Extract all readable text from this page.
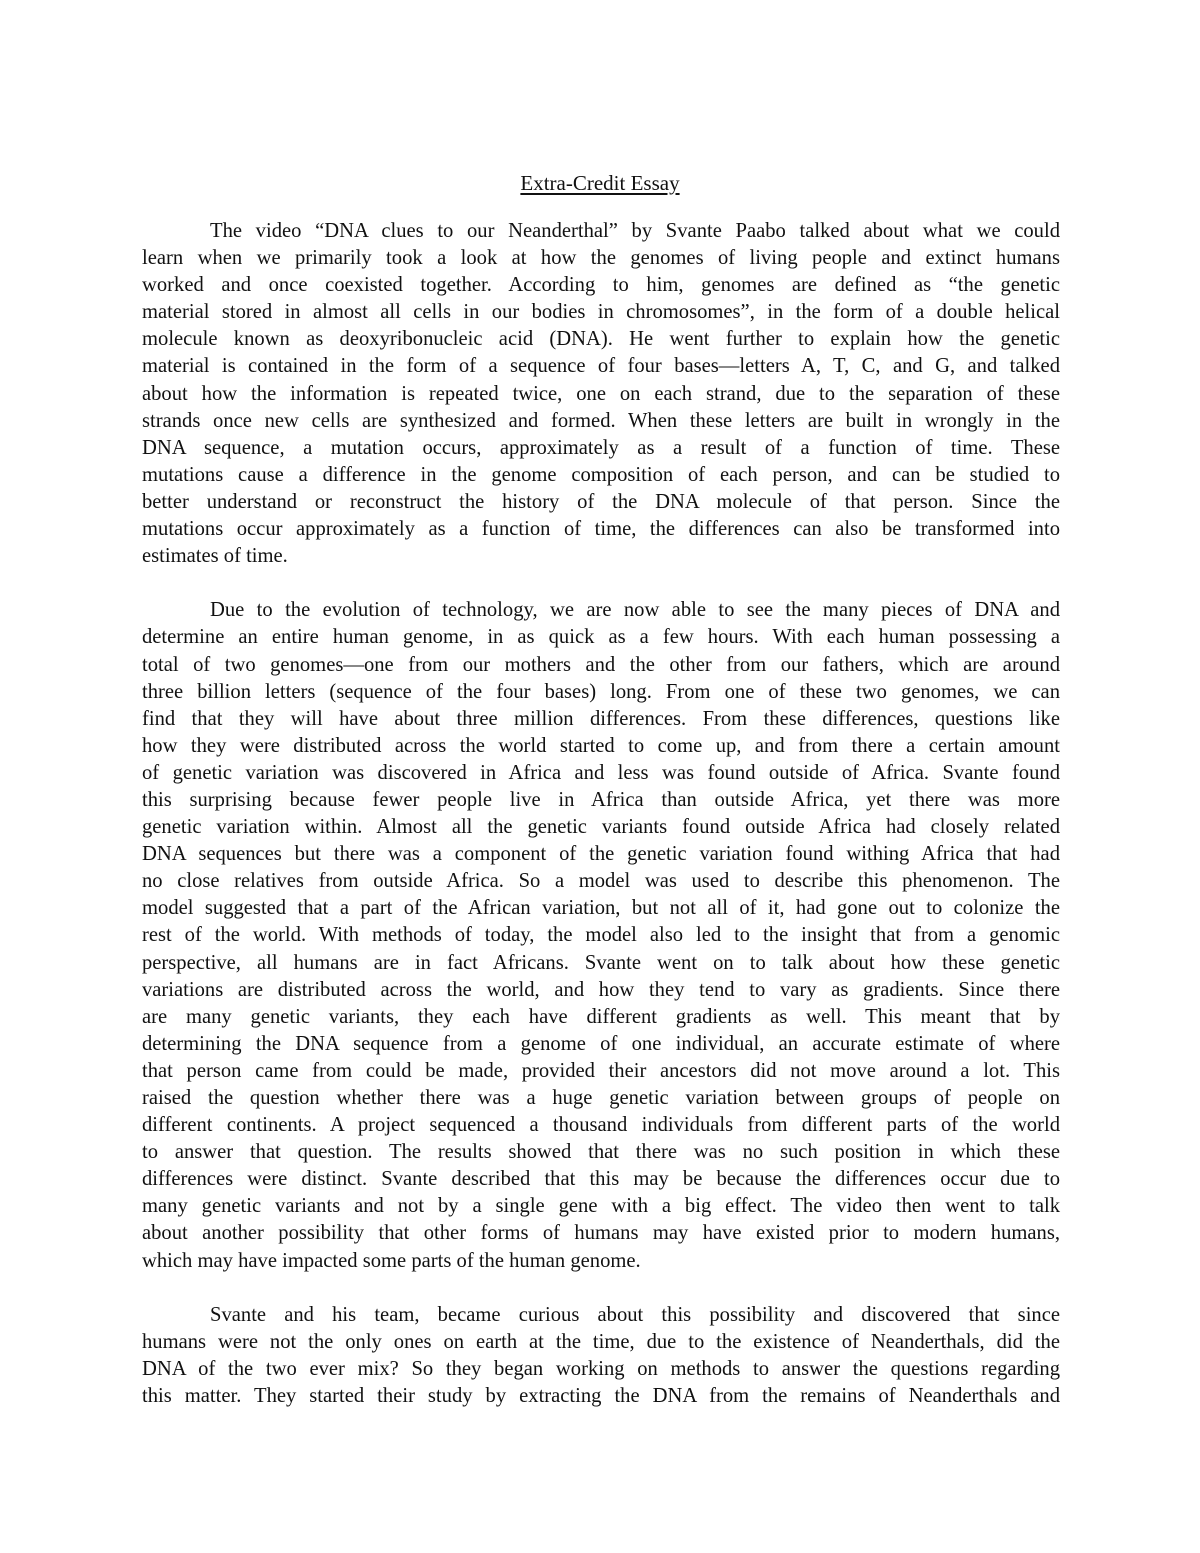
Extra-Credit Essay
The video “DNA clues to our Neanderthal” by Svante Paabo talked about what we could
learn when we primarily took a look at how the genomes of living people and extinct humans
worked and once coexisted together. According to him, genomes are defined as “the genetic
material stored in almost all cells in our bodies in chromosomes”, in the form of a double helical
molecule known as deoxyribonucleic acid (DNA). He went further to explain how the genetic
material is contained in the form of a sequence of four bases—letters A, T, C, and G, and talked
about how the information is repeated twice, one on each strand, due to the separation of these
strands once new cells are synthesized and formed. When these letters are built in wrongly in the
DNA sequence, a mutation occurs, approximately as a result of a function of time. These
mutations cause a difference in the genome composition of each person, and can be studied to
better understand or reconstruct the history of the DNA molecule of that person. Since the
mutations occur approximately as a function of time, the differences can also be transformed into
estimates of time.
Due to the evolution of technology, we are now able to see the many pieces of DNA and
determine an entire human genome, in as quick as a few hours. With each human possessing a
total of two genomes—one from our mothers and the other from our fathers, which are around
three billion letters (sequence of the four bases) long. From one of these two genomes, we can
find that they will have about three million differences. From these differences, questions like
how they were distributed across the world started to come up, and from there a certain amount
of genetic variation was discovered in Africa and less was found outside of Africa. Svante found
this surprising because fewer people live in Africa than outside Africa, yet there was more
genetic variation within. Almost all the genetic variants found outside Africa had closely related
DNA sequences but there was a component of the genetic variation found withing Africa that had
no close relatives from outside Africa. So a model was used to describe this phenomenon. The
model suggested that a part of the African variation, but not all of it, had gone out to colonize the
rest of the world. With methods of today, the model also led to the insight that from a genomic
perspective, all humans are in fact Africans. Svante went on to talk about how these genetic
variations are distributed across the world, and how they tend to vary as gradients. Since there
are many genetic variants, they each have different gradients as well. This meant that by
determining the DNA sequence from a genome of one individual, an accurate estimate of where
that person came from could be made, provided their ancestors did not move around a lot. This
raised the question whether there was a huge genetic variation between groups of people on
different continents. A project sequenced a thousand individuals from different parts of the world
to answer that question. The results showed that there was no such position in which these
differences were distinct. Svante described that this may be because the differences occur due to
many genetic variants and not by a single gene with a big effect. The video then went to talk
about another possibility that other forms of humans may have existed prior to modern humans,
which may have impacted some parts of the human genome.
Svante and his team, became curious about this possibility and discovered that since
humans were not the only ones on earth at the time, due to the existence of Neanderthals, did the
DNA of the two ever mix? So they began working on methods to answer the questions regarding
this matter. They started their study by extracting the DNA from the remains of Neanderthals and
